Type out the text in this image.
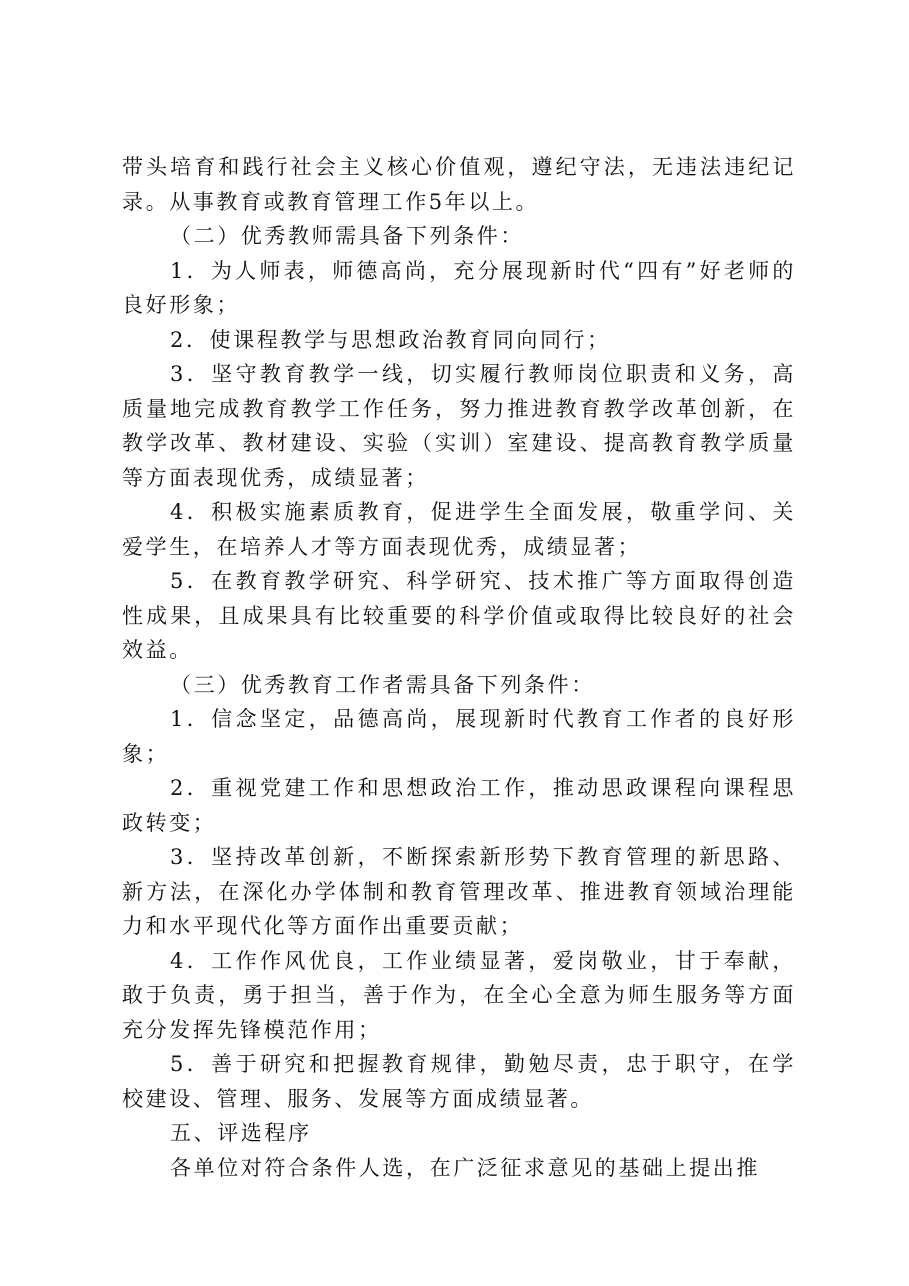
带头培育和践行社会主义核心价值观，遵纪守法，无违法违纪记录。从事教育或教育管理工作5年以上。

（二）优秀教师需具备下列条件：

1．为人师表，师德高尚，充分展现新时代“四有”好老师的良好形象；

2．使课程教学与思想政治教育同向同行；

3．坚守教育教学一线，切实履行教师岗位职责和义务，高质量地完成教育教学工作任务，努力推进教育教学改革创新，在教学改革、教材建设、实验（实训）室建设、提高教育教学质量等方面表现优秀，成绩显著；

4．积极实施素质教育，促进学生全面发展，敬重学问、关爱学生，在培养人才等方面表现优秀，成绩显著；

5．在教育教学研究、科学研究、技术推广等方面取得创造性成果，且成果具有比较重要的科学价值或取得比较良好的社会效益。

（三）优秀教育工作者需具备下列条件：

1．信念坚定，品德高尚，展现新时代教育工作者的良好形象；

2．重视党建工作和思想政治工作，推动思政课程向课程思政转变；

3．坚持改革创新，不断探索新形势下教育管理的新思路、新方法，在深化办学体制和教育管理改革、推进教育领域治理能力和水平现代化等方面作出重要贡献；

4．工作作风优良，工作业绩显著，爱岗敬业，甘于奉献，敢于负责，勇于担当，善于作为，在全心全意为师生服务等方面充分发挥先锋模范作用；

5．善于研究和把握教育规律，勤勉尽责，忠于职守，在学校建设、管理、服务、发展等方面成绩显著。

五、评选程序

各单位对符合条件人选，在广泛征求意见的基础上提出推
